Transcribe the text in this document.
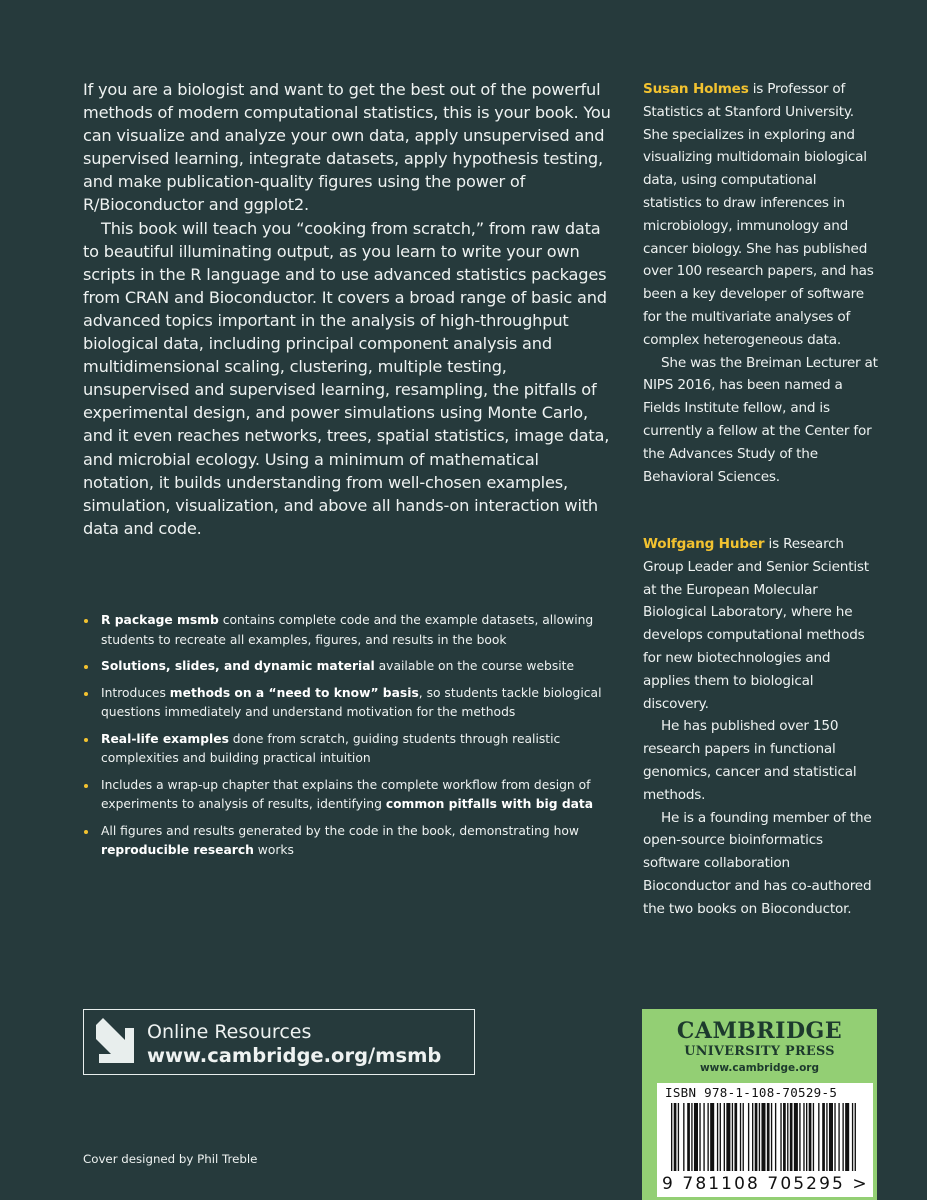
If you are a biologist and want to get the best out of the powerful methods of modern computational statistics, this is your book. You can visualize and analyze your own data, apply unsupervised and supervised learning, integrate datasets, apply hypothesis testing, and make publication-quality figures using the power of R/Bioconductor and ggplot2.

This book will teach you “cooking from scratch,” from raw data to beautiful illuminating output, as you learn to write your own scripts in the R language and to use advanced statistics packages from CRAN and Bioconductor. It covers a broad range of basic and advanced topics important in the analysis of high-throughput biological data, including principal component analysis and multidimensional scaling, clustering, multiple testing, unsupervised and supervised learning, resampling, the pitfalls of experimental design, and power simulations using Monte Carlo, and it even reaches networks, trees, spatial statistics, image data, and microbial ecology. Using a minimum of mathematical notation, it builds understanding from well-chosen examples, simulation, visualization, and above all hands-on interaction with data and code.

R package msmb contains complete code and the example datasets, allowing students to recreate all examples, figures, and results in the book
Solutions, slides, and dynamic material available on the course website
Introduces methods on a “need to know” basis, so students tackle biological questions immediately and understand motivation for the methods
Real-life examples done from scratch, guiding students through realistic complexities and building practical intuition
Includes a wrap-up chapter that explains the complete workflow from design of experiments to analysis of results, identifying common pitfalls with big data
All figures and results generated by the code in the book, demonstrating how reproducible research works

Susan Holmes is Professor of Statistics at Stanford University. She specializes in exploring and visualizing multidomain biological data, using computational statistics to draw inferences in microbiology, immunology and cancer biology. She has published over 100 research papers, and has been a key developer of software for the multivariate analyses of complex heterogeneous data.

She was the Breiman Lecturer at NIPS 2016, has been named a Fields Institute fellow, and is currently a fellow at the Center for the Advances Study of the Behavioral Sciences.

Wolfgang Huber is Research Group Leader and Senior Scientist at the European Molecular Biological Laboratory, where he develops computational methods for new biotechnologies and applies them to biological discovery.

He has published over 150 research papers in functional genomics, cancer and statistical methods.

He is a founding member of the open-source bioinformatics software collaboration Bioconductor and has co-authored the two books on Bioconductor.

Online Resources
www.cambridge.org/msmb
Cover designed by Phil Treble
CAMBRIDGE
UNIVERSITY PRESS
www.cambridge.org
ISBN 978-1-108-70529-5
9 781108 705295 >
